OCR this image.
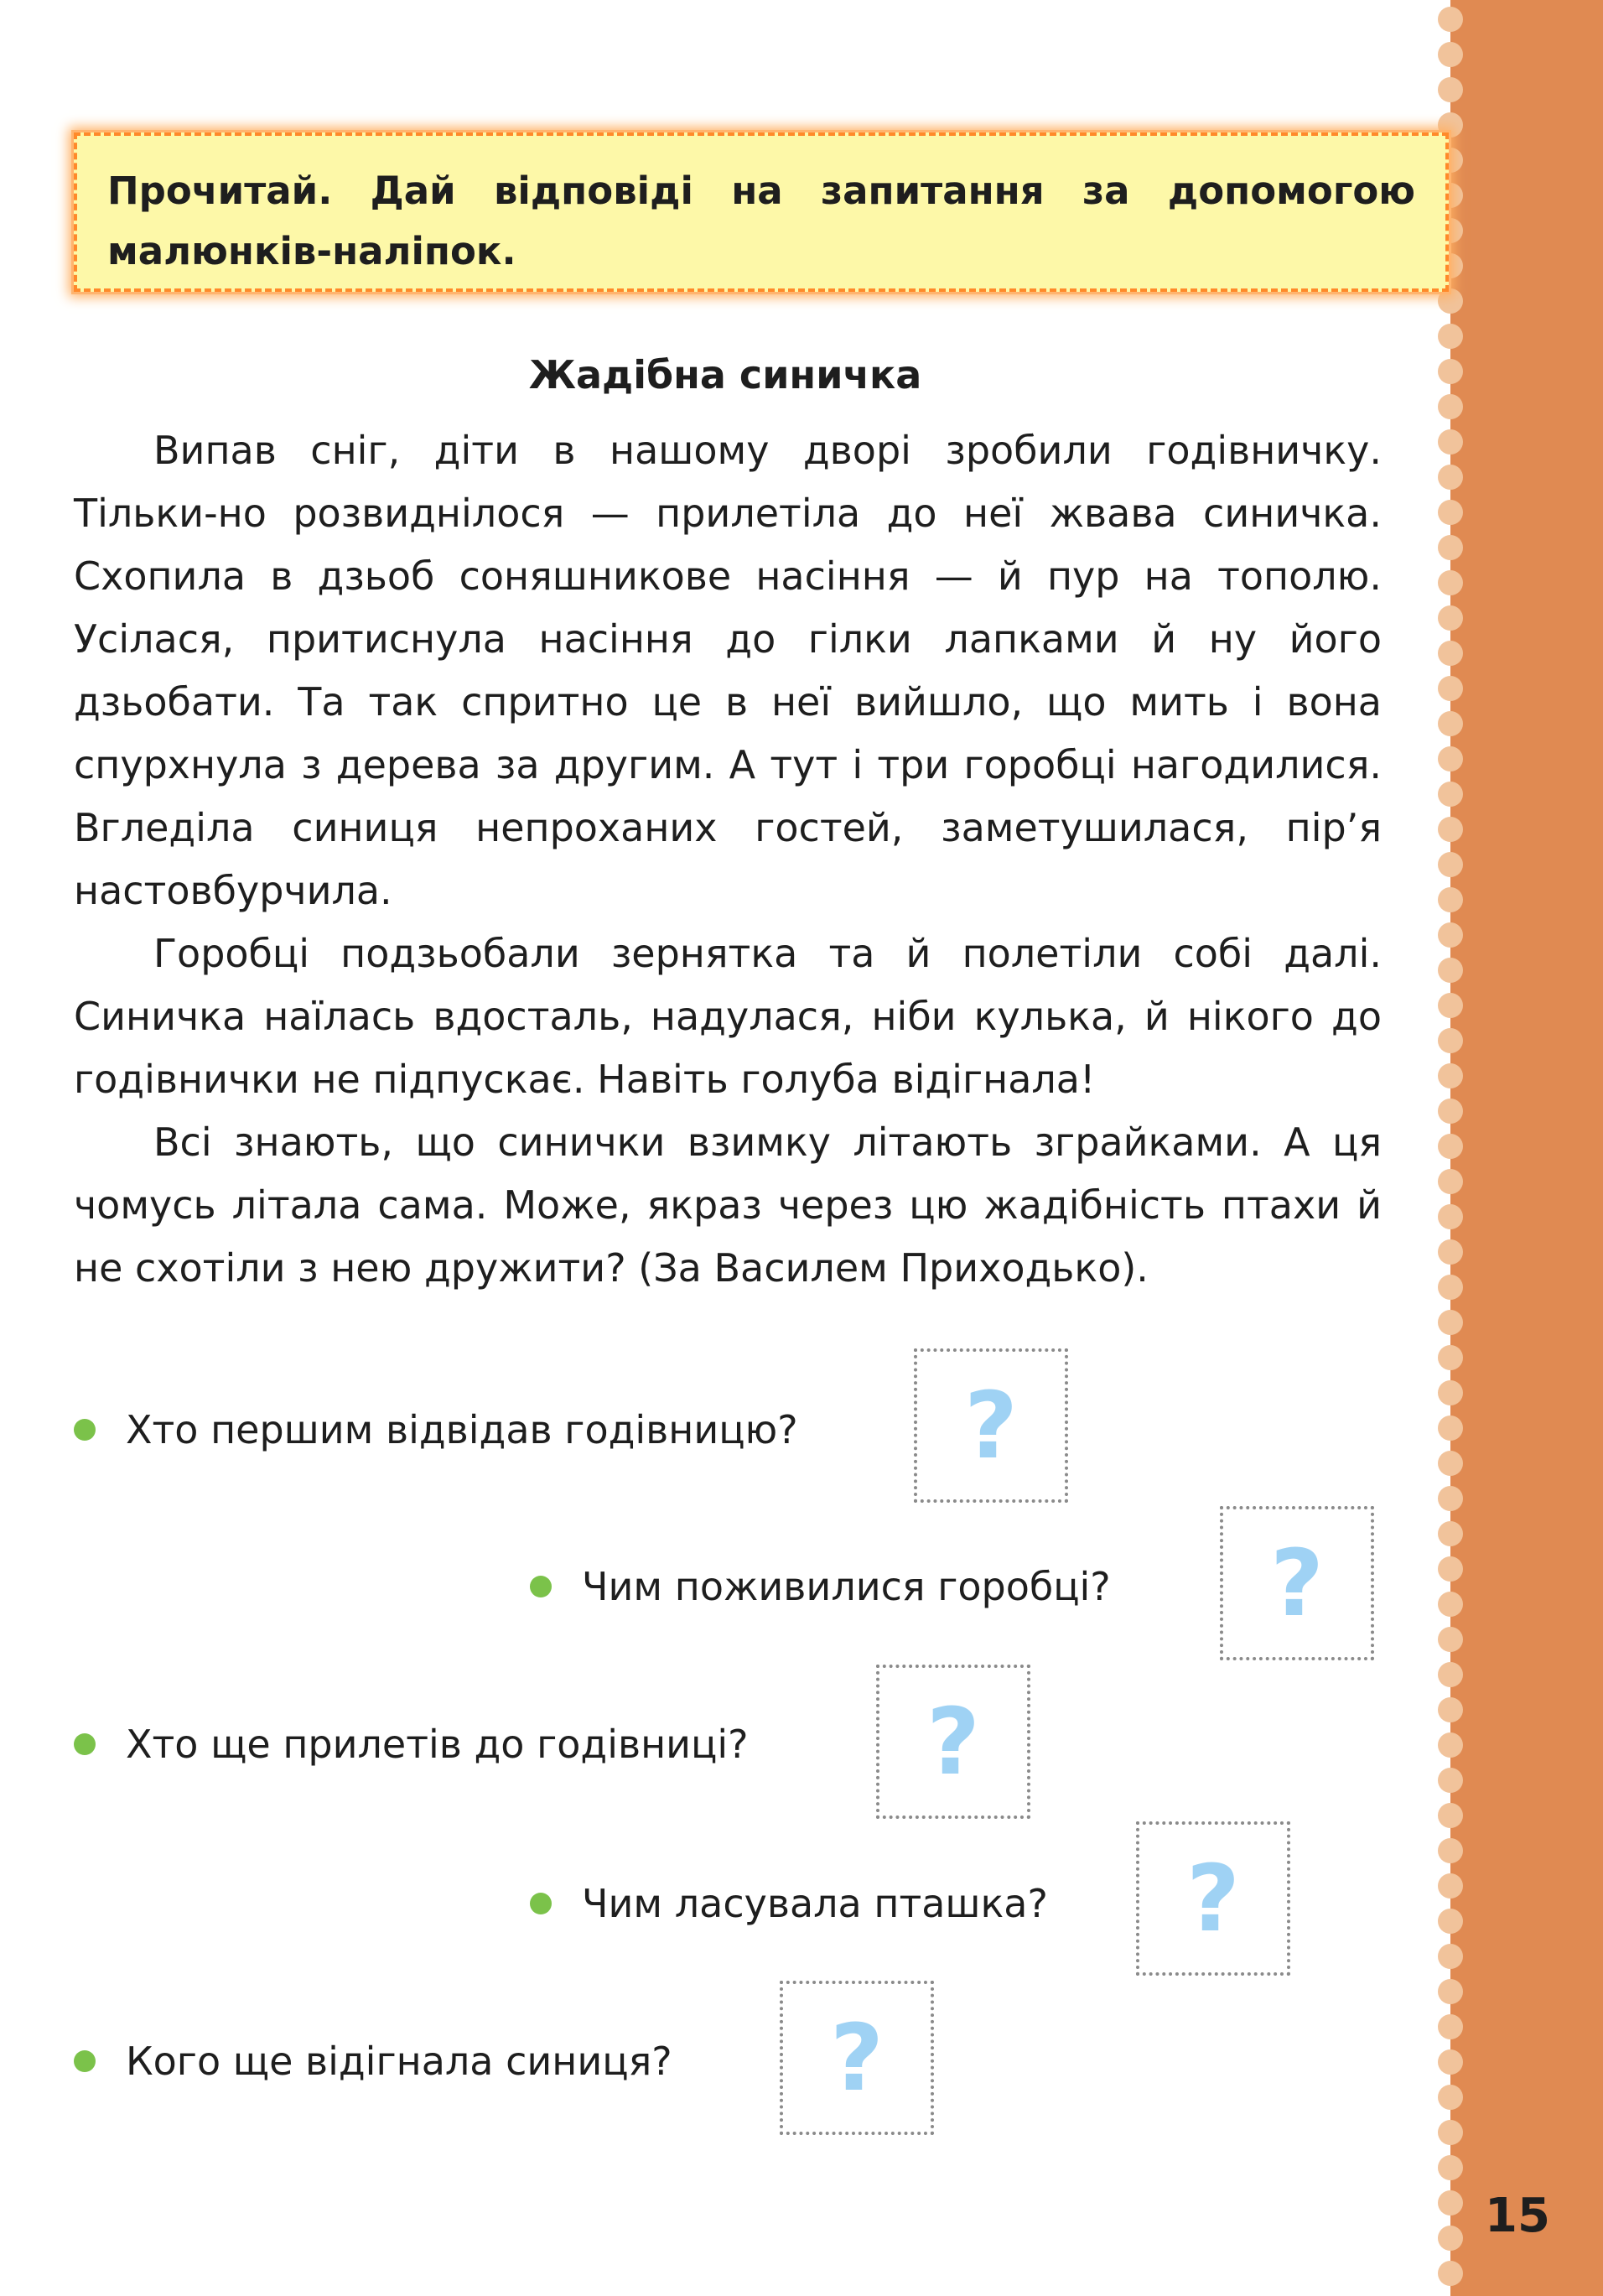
Прочитай. Дай відповіді на запитання за допомогою малюнків-наліпок.

Жадібна синичка

Випав сніг, діти в нашому дворі зробили годівничку. Тільки-но розвиднілося — прилетіла до неї жвава синичка. Схопила в дзьоб соняшникове насіння — й пур на тополю. Усілася, притиснула насіння до гілки лапками й ну його дзьобати. Та так спритно це в неї вийшло, що мить і вона спурхнула з дерева за другим. А тут і три горобці нагодилися. Вгледіла синиця непроханих гостей, заметушилася, пір’я настовбурчила.

Горобці подзьобали зернятка та й полетіли собі далі. Синичка наїлась вдосталь, надулася, ніби кулька, й нікого до годівнички не підпускає. Навіть голуба відігнала!

Всі знають, що синички взимку літають зграйками. А ця чомусь літала сама. Може, якраз через цю жадібність птахи й не схотіли з нею дружити? (За Василем Приходько).

Хто першим відвідав годівницю? ?
Чим поживилися горобці? ?
Хто ще прилетів до годівниці? ?
Чим ласувала пташка? ?
Кого ще відігнала синиця? ?
15
